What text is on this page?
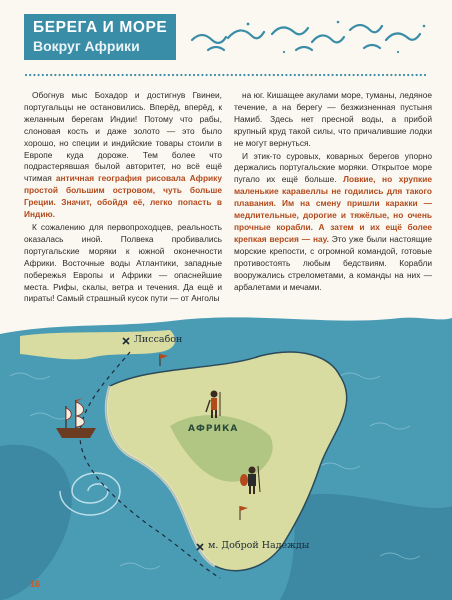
БЕРЕГА И МОРЕ
Вокруг Африки

Обогнув мыс Бохадор и достигнув Гвинеи, португальцы не остановились. Вперёд, вперёд, к желанным берегам Индии! Потому что рабы, слоновая кость и даже золото — это было хорошо, но специи и индийские товары стоили в Европе куда дороже. Тем более что подрастерявшая былой авторитет, но всё ещё чтимая античная география рисовала Африку простой большим островом, чуть больше Греции. Значит, обойдя её, легко попасть в Индию.

К сожалению для первопроходцев, реальность оказалась иной. Полвека пробивались португальские моряки к южной оконечности Африки. Восточные воды Атлантики, западные побережья Европы и Африки — опаснейшие места. Рифы, скалы, ветра и течения. Да ещё и пираты! Самый страшный кусок пути — от Анголы

на юг. Кишащее акулами море, туманы, ледяное течение, а на берегу — безжизненная пустыня Намиб. Здесь нет пресной воды, а прибой крупный круд такой силы, что причалившие лодки не могут вернуться.

И этик-то суровых, коварных берегов упорно держались португальские моряки. Открытое море пугало их ещё больше. Ловкие, но хрупкие маленькие каравеллы не годились для такого плавания. Им на смену пришли каракки — медлительные, дорогие и тяжёлые, но очень прочные корабли. А затем и их ещё более крепкая версия — нау. Это уже были настоящие морские крепости, с огромной командой, готовые противостоять любым бедствиям. Корабли вооружались стрелометами, а команды на них — арбалетами и мечами.

Лиссабон
АФРИКА
м. Доброй Надежды
16
